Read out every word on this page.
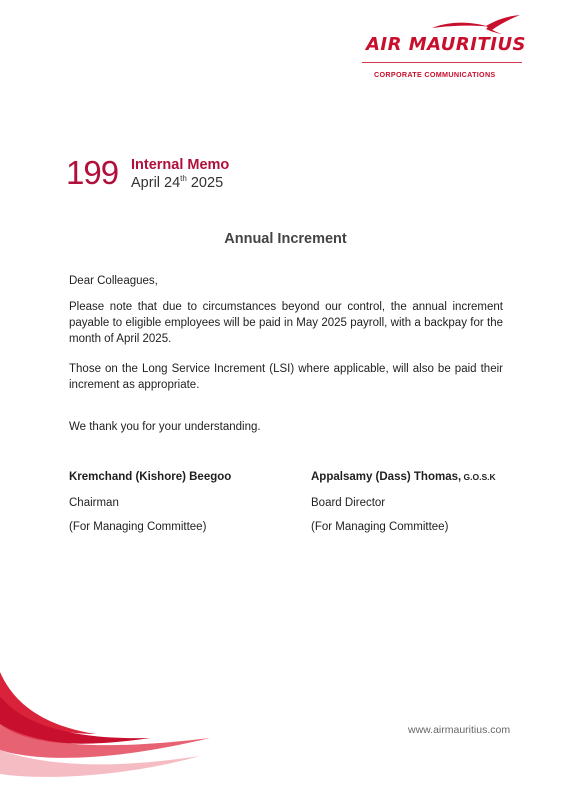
AIR MAURITIUS
CORPORATE COMMUNICATIONS
199 Internal Memo
April 24th 2025
Annual Increment
Dear Colleagues,
Please note that due to circumstances beyond our control, the annual increment payable to eligible employees will be paid in May 2025 payroll, with a backpay for the month of April 2025.
Those on the Long Service Increment (LSI) where applicable, will also be paid their increment as appropriate.
We thank you for your understanding.
Kremchand (Kishore) Beegoo
Chairman
(For Managing Committee)
Appalsamy (Dass) Thomas, G.O.S.K
Board Director
(For Managing Committee)
www.airmauritius.com
